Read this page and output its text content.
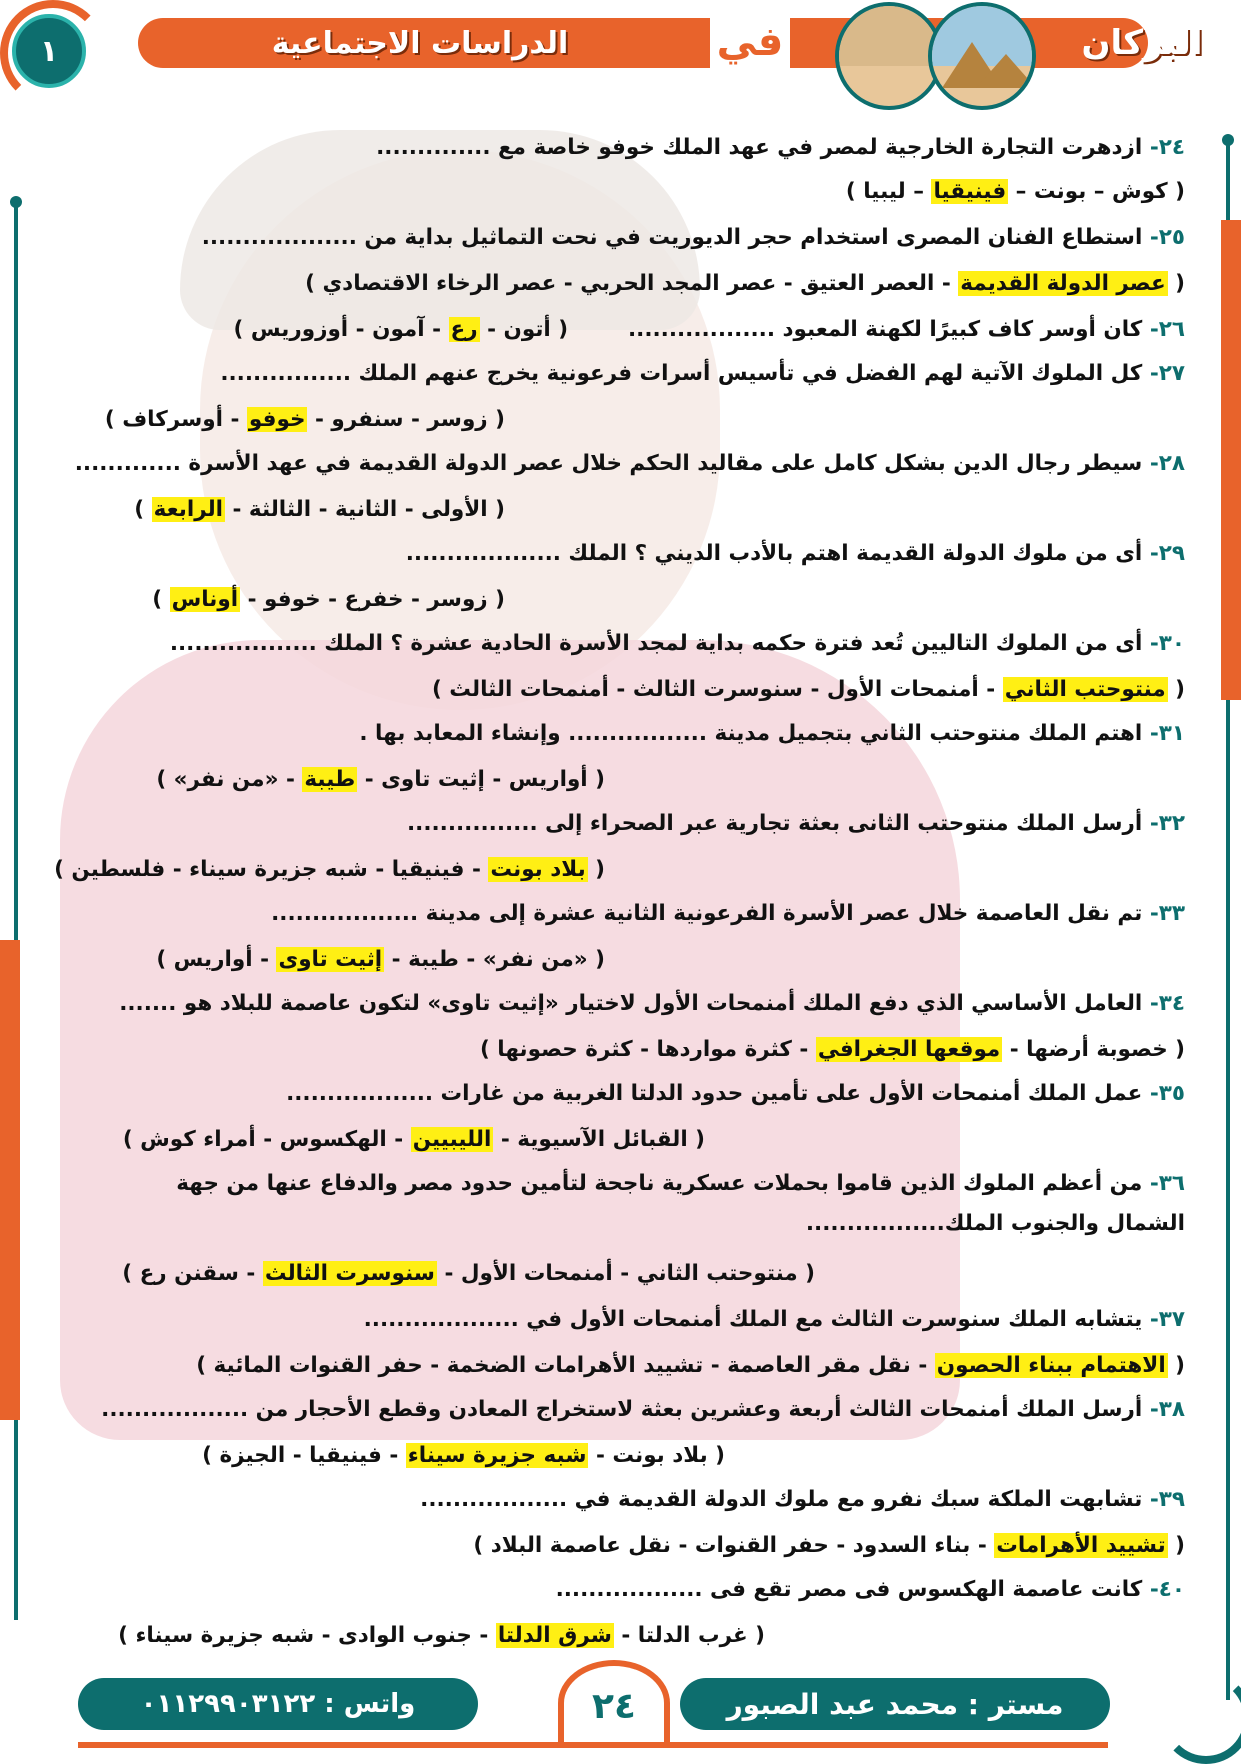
الدراسات الاجتماعية	في	البركان
١
٢٤- ازدهرت التجارة الخارجية لمصر في عهد الملك خوفو خاصة مع ..............
( كوش – بونت – فينيقيا – ليبيا )
٢٥- استطاع الفنان المصرى استخدام حجر الديوريت في نحت التماثيل بداية من ...................
( عصر الدولة القديمة - العصر العتيق - عصر المجد الحربي - عصر الرخاء الاقتصادي )
٢٦- كان أوسر كاف كبيرًا لكهنة المعبود ..................        ( أتون - رع - آمون - أوزوريس )
٢٧- كل الملوك الآتية لهم الفضل في تأسيس أسرات فرعونية يخرج عنهم الملك ................
( زوسر - سنفرو - خوفو - أوسركاف )
٢٨- سيطر رجال الدين بشكل كامل على مقاليد الحكم خلال عصر الدولة القديمة في عهد الأسرة .............
( الأولى - الثانية - الثالثة - الرابعة )
٢٩- أى من ملوك الدولة القديمة اهتم بالأدب الديني ؟ الملك ...................
( زوسر - خفرع - خوفو - أوناس )
٣٠- أى من الملوك التاليين تُعد فترة حكمه بداية لمجد الأسرة الحادية عشرة ؟ الملك ..................
( منتوحتب الثاني - أمنمحات الأول - سنوسرت الثالث - أمنمحات الثالث )
٣١- اهتم الملك منتوحتب الثاني بتجميل مدينة ................. وإنشاء المعابد بها .
( أواريس - إثيت تاوى - طيبة - «من نفر» )
٣٢- أرسل الملك منتوحتب الثانى بعثة تجارية عبر الصحراء إلى ................
( بلاد بونت - فينيقيا - شبه جزيرة سيناء - فلسطين )
٣٣- تم نقل العاصمة خلال عصر الأسرة الفرعونية الثانية عشرة إلى مدينة ..................
( «من نفر» - طيبة - إثيت تاوى - أواريس )
٣٤- العامل الأساسي الذي دفع الملك أمنمحات الأول لاختيار «إثيت تاوى» لتكون عاصمة للبلاد هو .......
( خصوبة أرضها - موقعها الجغرافي - كثرة مواردها - كثرة حصونها )
٣٥- عمل الملك أمنمحات الأول على تأمين حدود الدلتا الغربية من غارات ..................
( القبائل الآسيوية - الليبيين - الهكسوس - أمراء كوش )
٣٦- من أعظم الملوك الذين قاموا بحملات عسكرية ناجحة لتأمين حدود مصر والدفاع عنها من جهة
الشمال والجنوب الملك.................
( منتوحتب الثاني - أمنمحات الأول - سنوسرت الثالث - سقنن رع )
٣٧- يتشابه الملك سنوسرت الثالث مع الملك أمنمحات الأول في ...................
( الاهتمام ببناء الحصون - نقل مقر العاصمة - تشييد الأهرامات الضخمة - حفر القنوات المائية )
٣٨- أرسل الملك أمنمحات الثالث أربعة وعشرين بعثة لاستخراج المعادن وقطع الأحجار من ..................
( بلاد بونت - شبه جزيرة سيناء - فينيقيا - الجيزة )
٣٩- تشابهت الملكة سبك نفرو مع ملوك الدولة القديمة في ..................
( تشييد الأهرامات - بناء السدود - حفر القنوات - نقل عاصمة البلاد )
٤٠- كانت عاصمة الهكسوس فى مصر تقع فى ..................
( غرب الدلتا - شرق الدلتا - جنوب الوادى - شبه جزيرة سيناء )
واتس : ٠١١٢٩٩٠٣١٢٢	٢٤	مستر : محمد عبد الصبور
